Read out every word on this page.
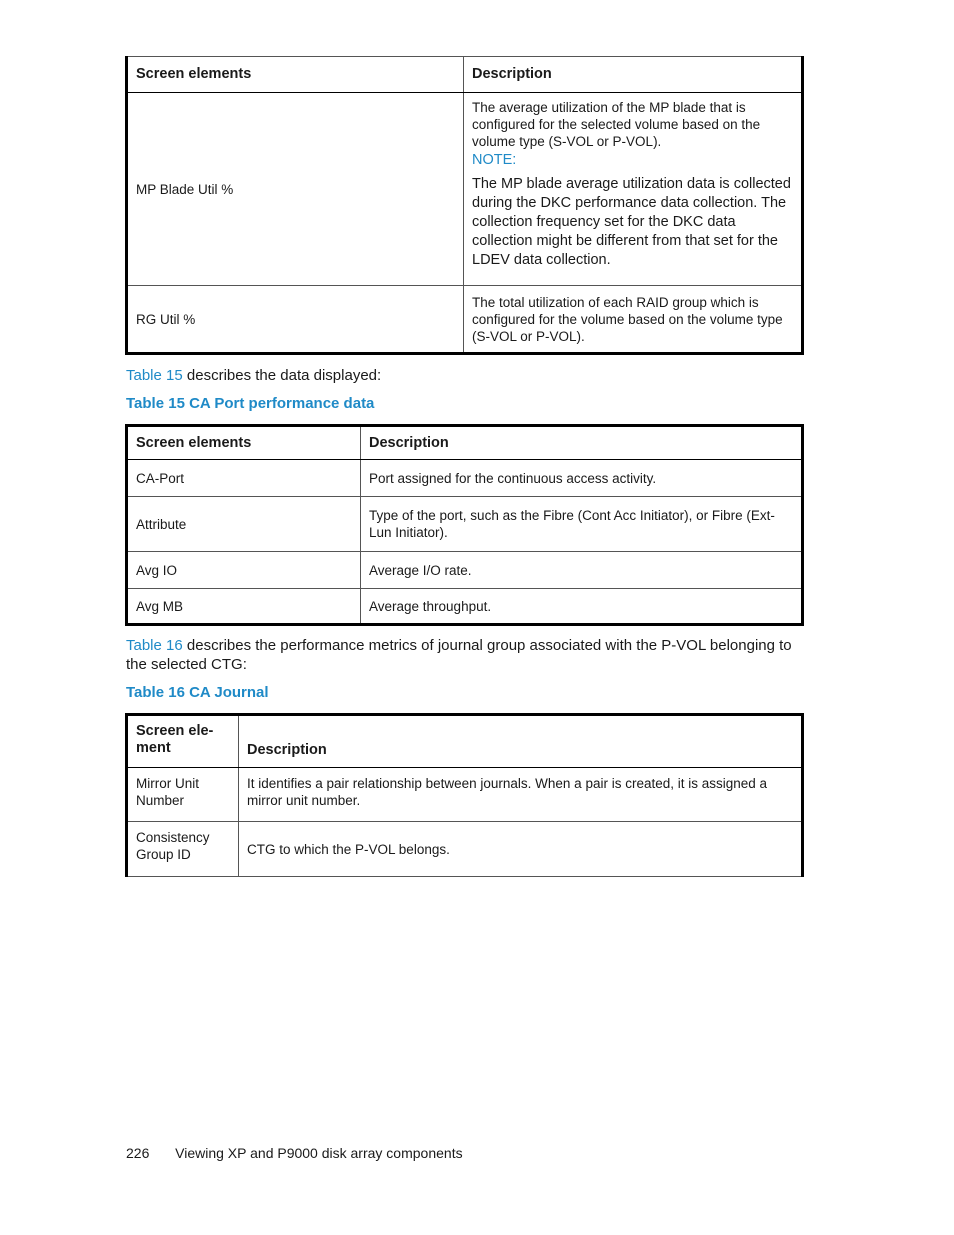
Screen elements	Description
MP Blade Util %	The average utilization of the MP blade that is configured for the selected volume based on the volume type (S-VOL or P-VOL).
NOTE:
The MP blade average utilization data is collected during the DKC performance data collection. The collection frequency set for the DKC data collection might be different from that set for the LDEV data collection.

RG Util %	The total utilization of each RAID group which is configured for the volume based on the volume type (S-VOL or P-VOL).
Table 15 describes the data displayed:
Table 15 CA Port performance data
Screen elements	Description
CA-Port	Port assigned for the continuous access activity.
Attribute	Type of the port, such as the Fibre (Cont Acc Initiator), or Fibre (Ext-Lun Initiator).
Avg IO	Average I/O rate.
Avg MB	Average throughput.
Table 16 describes the performance metrics of journal group associated with the P-VOL belonging to the selected CTG:
Table 16 CA Journal
Screen ele-
ment	Description
Mirror Unit Number	It identifies a pair relationship between journals. When a pair is created, it is assigned a mirror unit number.
Consistency Group ID	CTG to which the P-VOL belongs.
226 Viewing XP and P9000 disk array components
